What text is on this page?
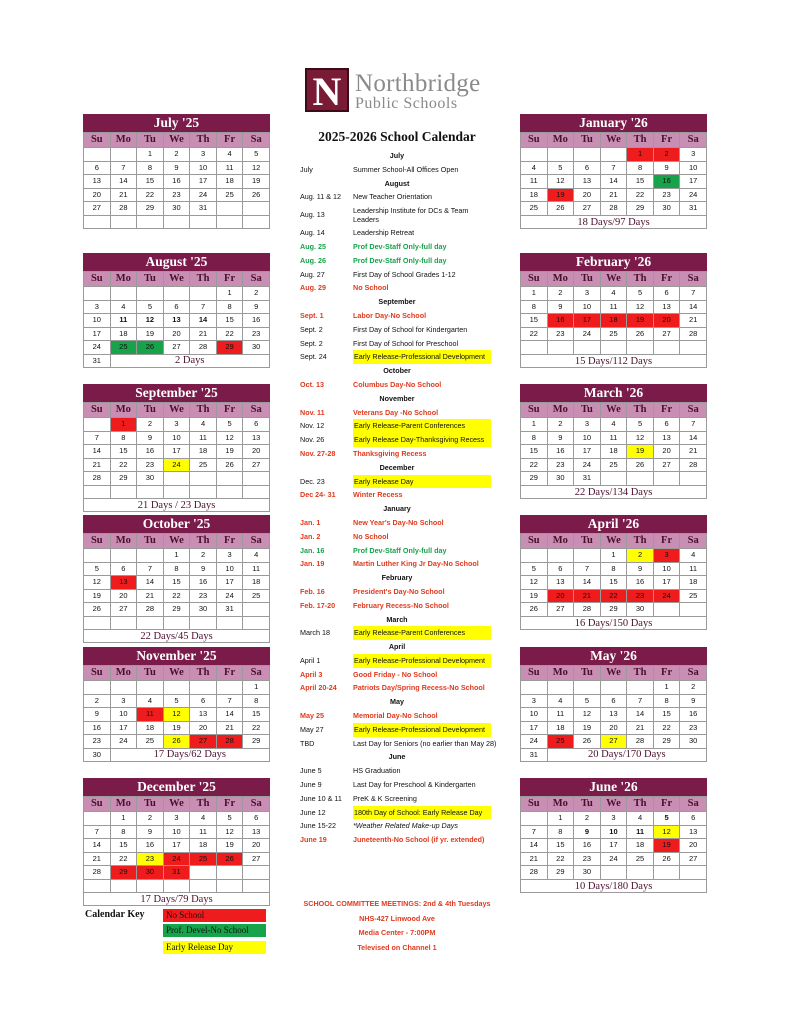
N Northbridge
Public Schools
July '25
Su	Mo	Tu	We	Th	Fr	Sa
		1	2	3	4	5
6	7	8	9	10	11	12
13	14	15	16	17	18	19
20	21	22	23	24	25	26
27	28	29	30	31		

August '25
Su	Mo	Tu	We	Th	Fr	Sa
					1	2
3	4	5	6	7	8	9
10	11	12	13	14	15	16
17	18	19	20	21	22	23
24	25	26	27	28	29	30
31	2 Days					
September '25
Su	Mo	Tu	We	Th	Fr	Sa
	1	2	3	4	5	6
7	8	9	10	11	12	13
14	15	16	17	18	19	20
21	22	23	24	25	26	27
28	29	30				

21 Days / 23 Days
October '25
Su	Mo	Tu	We	Th	Fr	Sa
			1	2	3	4
5	6	7	8	9	10	11
12	13	14	15	16	17	18
19	20	21	22	23	24	25
26	27	28	29	30	31	

22 Days/45 Days
November '25
Su	Mo	Tu	We	Th	Fr	Sa
						1
2	3	4	5	6	7	8
9	10	11	12	13	14	15
16	17	18	19	20	21	22
23	24	25	26	27	28	29
30	17 Days/62 Days					
December '25
Su	Mo	Tu	We	Th	Fr	Sa
	1	2	3	4	5	6
7	8	9	10	11	12	13
14	15	16	17	18	19	20
21	22	23	24	25	26	27
28	29	30	31			

17 Days/79 Days
January '26
Su	Mo	Tu	We	Th	Fr	Sa
				1	2	3
4	5	6	7	8	9	10
11	12	13	14	15	16	17
18	19	20	21	22	23	24
25	26	27	28	29	30	31
18 Days/97 Days
February '26
Su	Mo	Tu	We	Th	Fr	Sa
1	2	3	4	5	6	7
8	9	10	11	12	13	14
15	16	17	18	19	20	21
22	23	24	25	26	27	28

15 Days/112 Days
March '26
Su	Mo	Tu	We	Th	Fr	Sa
1	2	3	4	5	6	7
8	9	10	11	12	13	14
15	16	17	18	19	20	21
22	23	24	25	26	27	28
29	30	31				
22 Days/134 Days
April '26
Su	Mo	Tu	We	Th	Fr	Sa
			1	2	3	4
5	6	7	8	9	10	11
12	13	14	15	16	17	18
19	20	21	22	23	24	25
26	27	28	29	30		
16 Days/150 Days
May '26
Su	Mo	Tu	We	Th	Fr	Sa
					1	2
3	4	5	6	7	8	9
10	11	12	13	14	15	16
17	18	19	20	21	22	23
24	25	26	27	28	29	30
31	20 Days/170 Days					
June '26
Su	Mo	Tu	We	Th	Fr	Sa
	1	2	3	4	5	6
7	8	9	10	11	12	13
14	15	16	17	18	19	20
21	22	23	24	25	26	27
28	29	30				
10 Days/180 Days
2025-2026 School Calendar
July
July	Summer School-All Offices Open
August
Aug. 11 & 12 New Teacher Orientation
Aug. 13	Leadership Institute for DCs & Team Leaders
Aug. 14	Leadership Retreat
Aug. 25	Prof Dev-Staff Only-full day
Aug. 26	Prof Dev-Staff Only-full day
Aug. 27	First Day of School Grades 1-12
Aug. 29	No School
September
Sept. 1	Labor Day-No School
Sept. 2	First Day of School for Kindergarten
Sept. 2	First Day of School for Preschool
Sept. 24	Early Release-Professional Development
October
Oct. 13	Columbus Day-No School
November
Nov. 11	Veterans Day -No School
Nov. 12	Early Release-Parent Conferences
Nov. 26	Early Release Day-Thanksgiving Recess
Nov. 27-28 Thanksgiving Recess
December
Dec. 23	Early Release Day
Dec 24- 31 Winter Recess
January
Jan. 1	New Year's Day-No School
Jan. 2	No School
Jan. 16	Prof Dev-Staff Only-full day
Jan. 19	Martin Luther King Jr Day-No School
February
Feb. 16	President's Day-No School
Feb. 17-20 February Recess-No School
March
March 18	Early Release-Parent Conferences
April
April 1	Early Release-Professional Development
April 3	Good Friday - No School
April 20-24 Patriots Day/Spring Recess-No School
May
May 25	Memorial Day-No School
May 27	Early Release-Professional Development
TBD	Last Day for Seniors (no earlier than May 28)
June
June 5	HS Graduation
June 9	Last Day for Preschool & Kindergarten
June 10 & 11 PreK & K Screening
June 12	180th Day of School: Early Release Day
June 15-22 *Weather Related Make-up Days
June 19	Juneteenth-No School (if yr. extended)
SCHOOL COMMITTEE MEETINGS: 2nd & 4th Tuesdays
NHS-427 Linwood Ave
Media Center - 7:00PM
Televised on Channel 1
Calendar Key	No School
Prof. Devel-No School
Early Release Day
